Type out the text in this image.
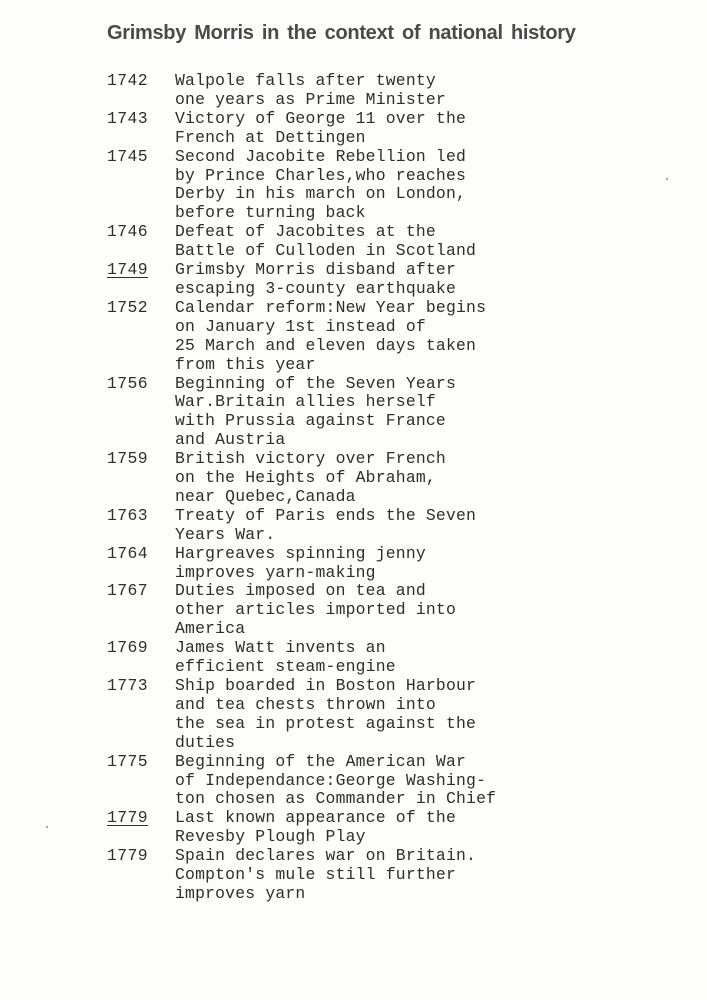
Grimsby Morris in the context of national history
1742 Walpole falls after twenty
one years as Prime Minister
1743 Victory of George 11 over the
French at Dettingen
1745 Second Jacobite Rebellion led
by Prince Charles,who reaches
Derby in his march on London,
before turning back
1746 Defeat of Jacobites at the
Battle of Culloden in Scotland
1749 Grimsby Morris disband after
escaping 3-county earthquake
1752 Calendar reform:New Year begins
on January 1st instead of
25 March and eleven days taken
from this year
1756 Beginning of the Seven Years
War.Britain allies herself
with Prussia against France
and Austria
1759 British victory over French
on the Heights of Abraham,
near Quebec,Canada
1763 Treaty of Paris ends the Seven
Years War.
1764 Hargreaves spinning jenny
improves yarn-making
1767 Duties imposed on tea and
other articles imported into
America
1769 James Watt invents an
efficient steam-engine
1773 Ship boarded in Boston Harbour
and tea chests thrown into
the sea in protest against the
duties
1775 Beginning of the American War
of Independance:George Washing-
ton chosen as Commander in Chief
1779 Last known appearance of the
Revesby Plough Play
1779 Spain declares war on Britain.
Compton's mule still further
improves yarn
